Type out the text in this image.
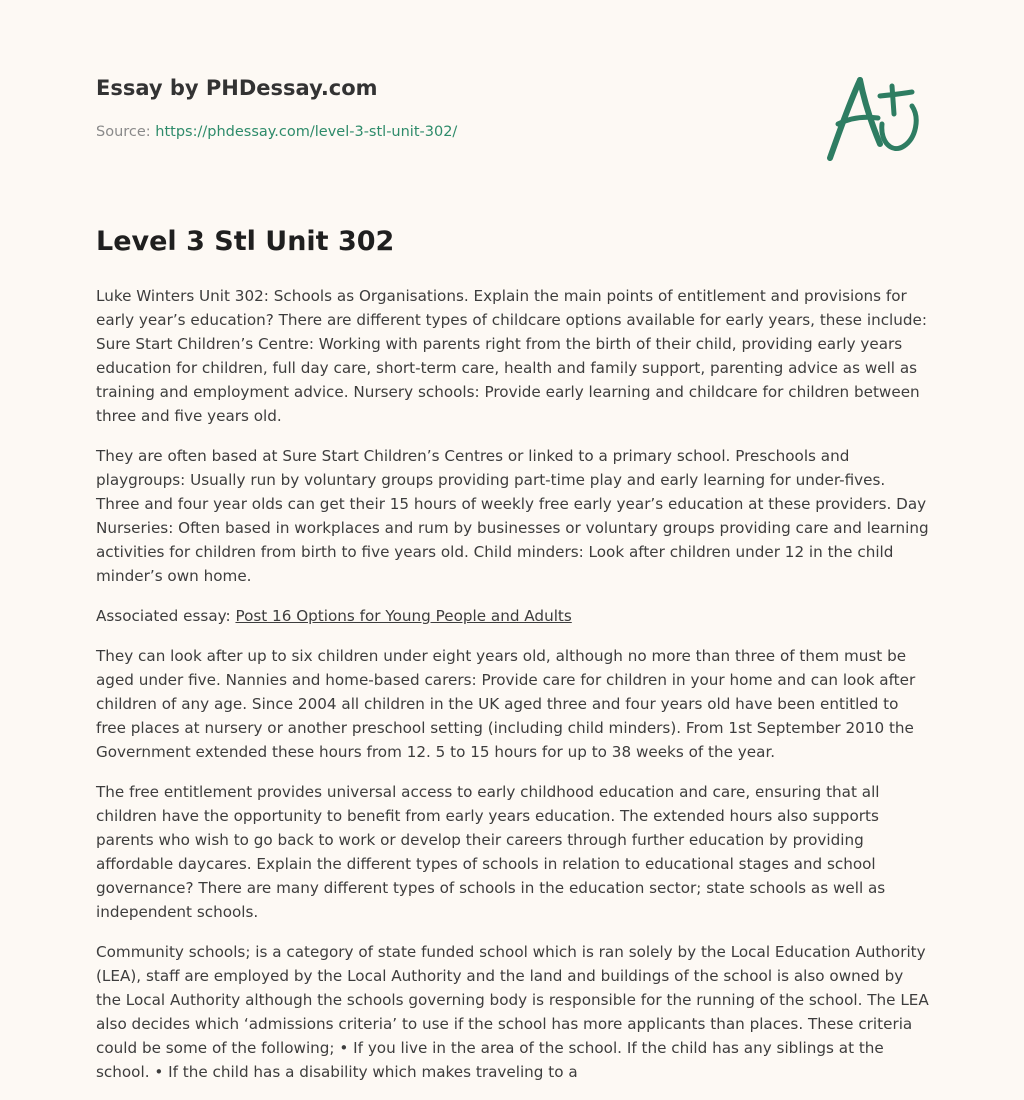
Essay by PHDessay.com
Source: https://phdessay.com/level-3-stl-unit-302/
Level 3 Stl Unit 302

Luke Winters Unit 302: Schools as Organisations. Explain the main points of entitlement and provisions for early year’s education? There are different types of childcare options available for early years, these include: Sure Start Children’s Centre: Working with parents right from the birth of their child, providing early years education for children, full day care, short-term care, health and family support, parenting advice as well as training and employment advice. Nursery schools: Provide early learning and childcare for children between three and five years old.

They are often based at Sure Start Children’s Centres or linked to a primary school. Preschools and playgroups: Usually run by voluntary groups providing part-time play and early learning for under-fives. Three and four year olds can get their 15 hours of weekly free early year’s education at these providers. Day Nurseries: Often based in workplaces and rum by businesses or voluntary groups providing care and learning activities for children from birth to five years old. Child minders: Look after children under 12 in the child minder’s own home.

Associated essay: Post 16 Options for Young People and Adults

They can look after up to six children under eight years old, although no more than three of them must be aged under five. Nannies and home-based carers: Provide care for children in your home and can look after children of any age. Since 2004 all children in the UK aged three and four years old have been entitled to free places at nursery or another preschool setting (including child minders). From 1st September 2010 the Government extended these hours from 12. 5 to 15 hours for up to 38 weeks of the year.

The free entitlement provides universal access to early childhood education and care, ensuring that all children have the opportunity to benefit from early years education. The extended hours also supports parents who wish to go back to work or develop their careers through further education by providing affordable daycares. Explain the different types of schools in relation to educational stages and school governance? There are many different types of schools in the education sector; state schools as well as independent schools.

Community schools; is a category of state funded school which is ran solely by the Local Education Authority (LEA), staff are employed by the Local Authority and the land and buildings of the school is also owned by the Local Authority although the schools governing body is responsible for the running of the school. The LEA also decides which ‘admissions criteria’ to use if the school has more applicants than places. These criteria could be some of the following; • If you live in the area of the school. If the child has any siblings at the school. • If the child has a disability which makes traveling to a
